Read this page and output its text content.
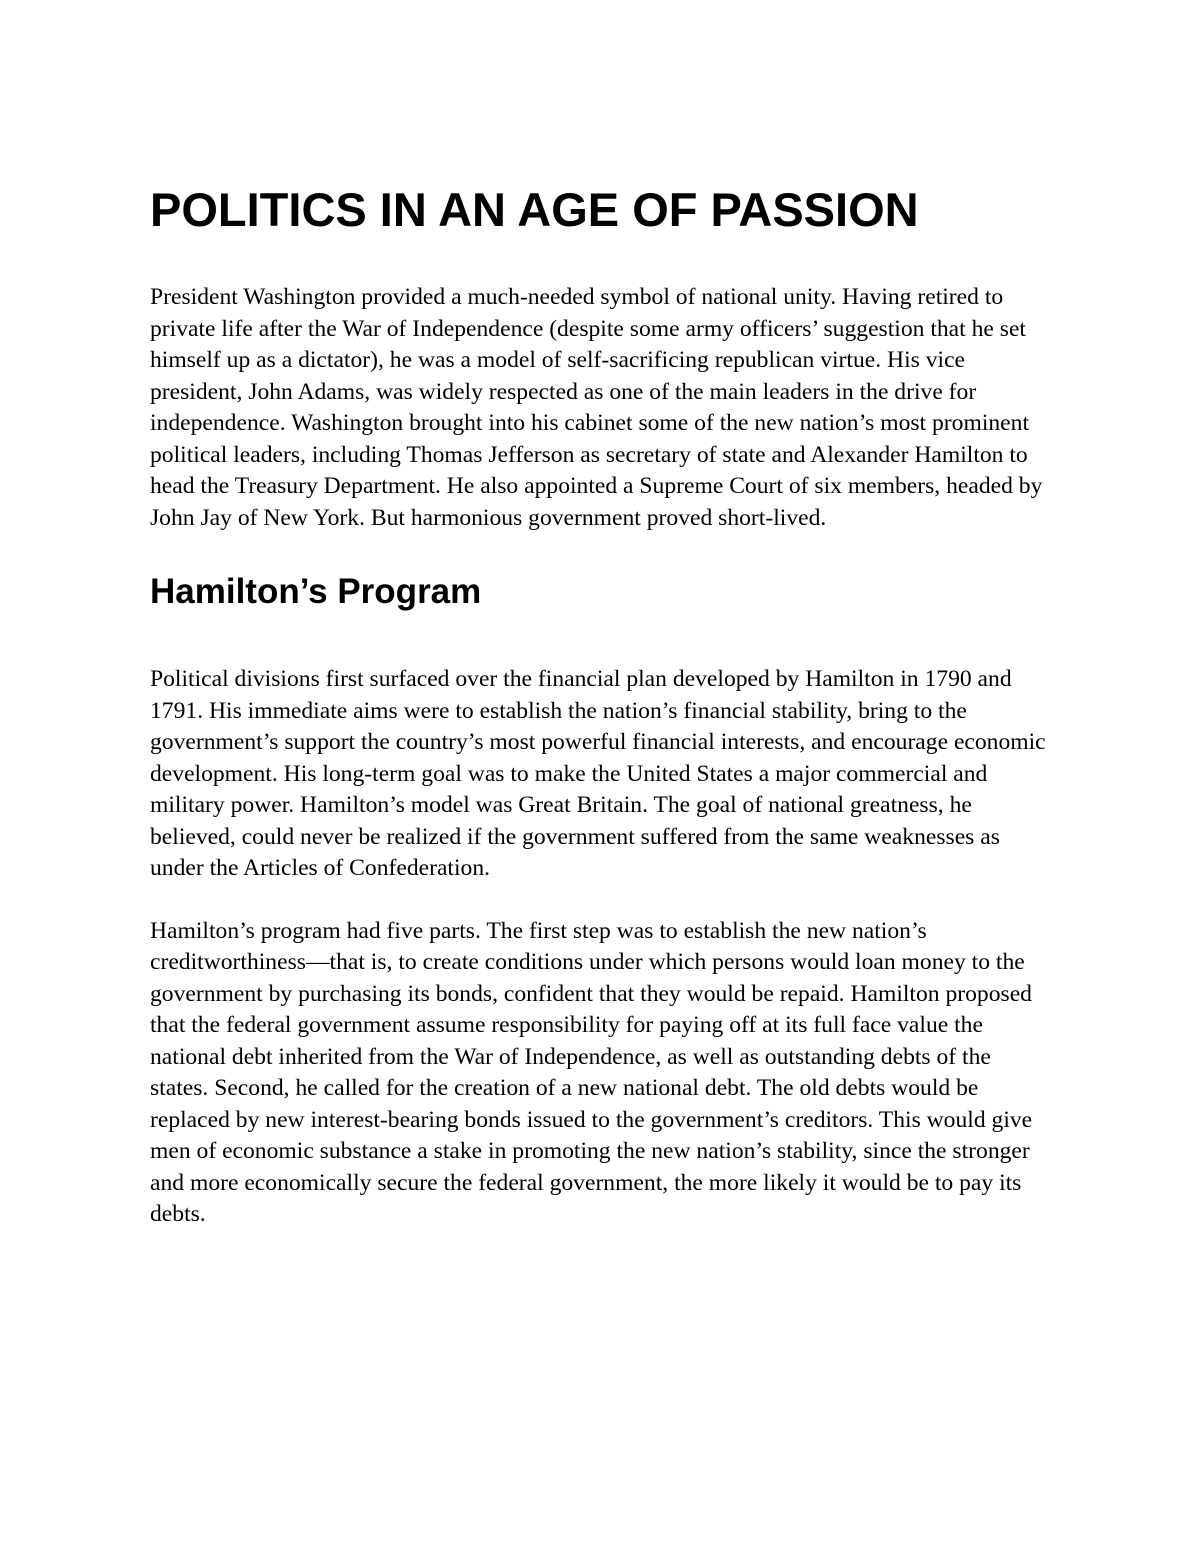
POLITICS IN AN AGE OF PASSION

President Washington provided a much-needed symbol of national unity. Having retired to private life after the War of Independence (despite some army officers’ suggestion that he set himself up as a dictator), he was a model of self-sacrificing republican virtue. His vice president, John Adams, was widely respected as one of the main leaders in the drive for independence. Washington brought into his cabinet some of the new nation’s most prominent political leaders, including Thomas Jefferson as secretary of state and Alexander Hamilton to head the Treasury Department. He also appointed a Supreme Court of six members, headed by John Jay of New York. But harmonious government proved short-lived.

Hamilton’s Program

Political divisions first surfaced over the financial plan developed by Hamilton in 1790 and 1791. His immediate aims were to establish the nation’s financial stability, bring to the government’s support the country’s most powerful financial interests, and encourage economic development. His long-term goal was to make the United States a major commercial and military power. Hamilton’s model was Great Britain. The goal of national greatness, he believed, could never be realized if the government suffered from the same weaknesses as under the Articles of Confederation.

Hamilton’s program had five parts. The first step was to establish the new nation’s creditworthiness—that is, to create conditions under which persons would loan money to the government by purchasing its bonds, confident that they would be repaid. Hamilton proposed that the federal government assume responsibility for paying off at its full face value the national debt inherited from the War of Independence, as well as outstanding debts of the states. Second, he called for the creation of a new national debt. The old debts would be replaced by new interest-bearing bonds issued to the government’s creditors. This would give men of economic substance a stake in promoting the new nation’s stability, since the stronger and more economically secure the federal government, the more likely it would be to pay its debts.
